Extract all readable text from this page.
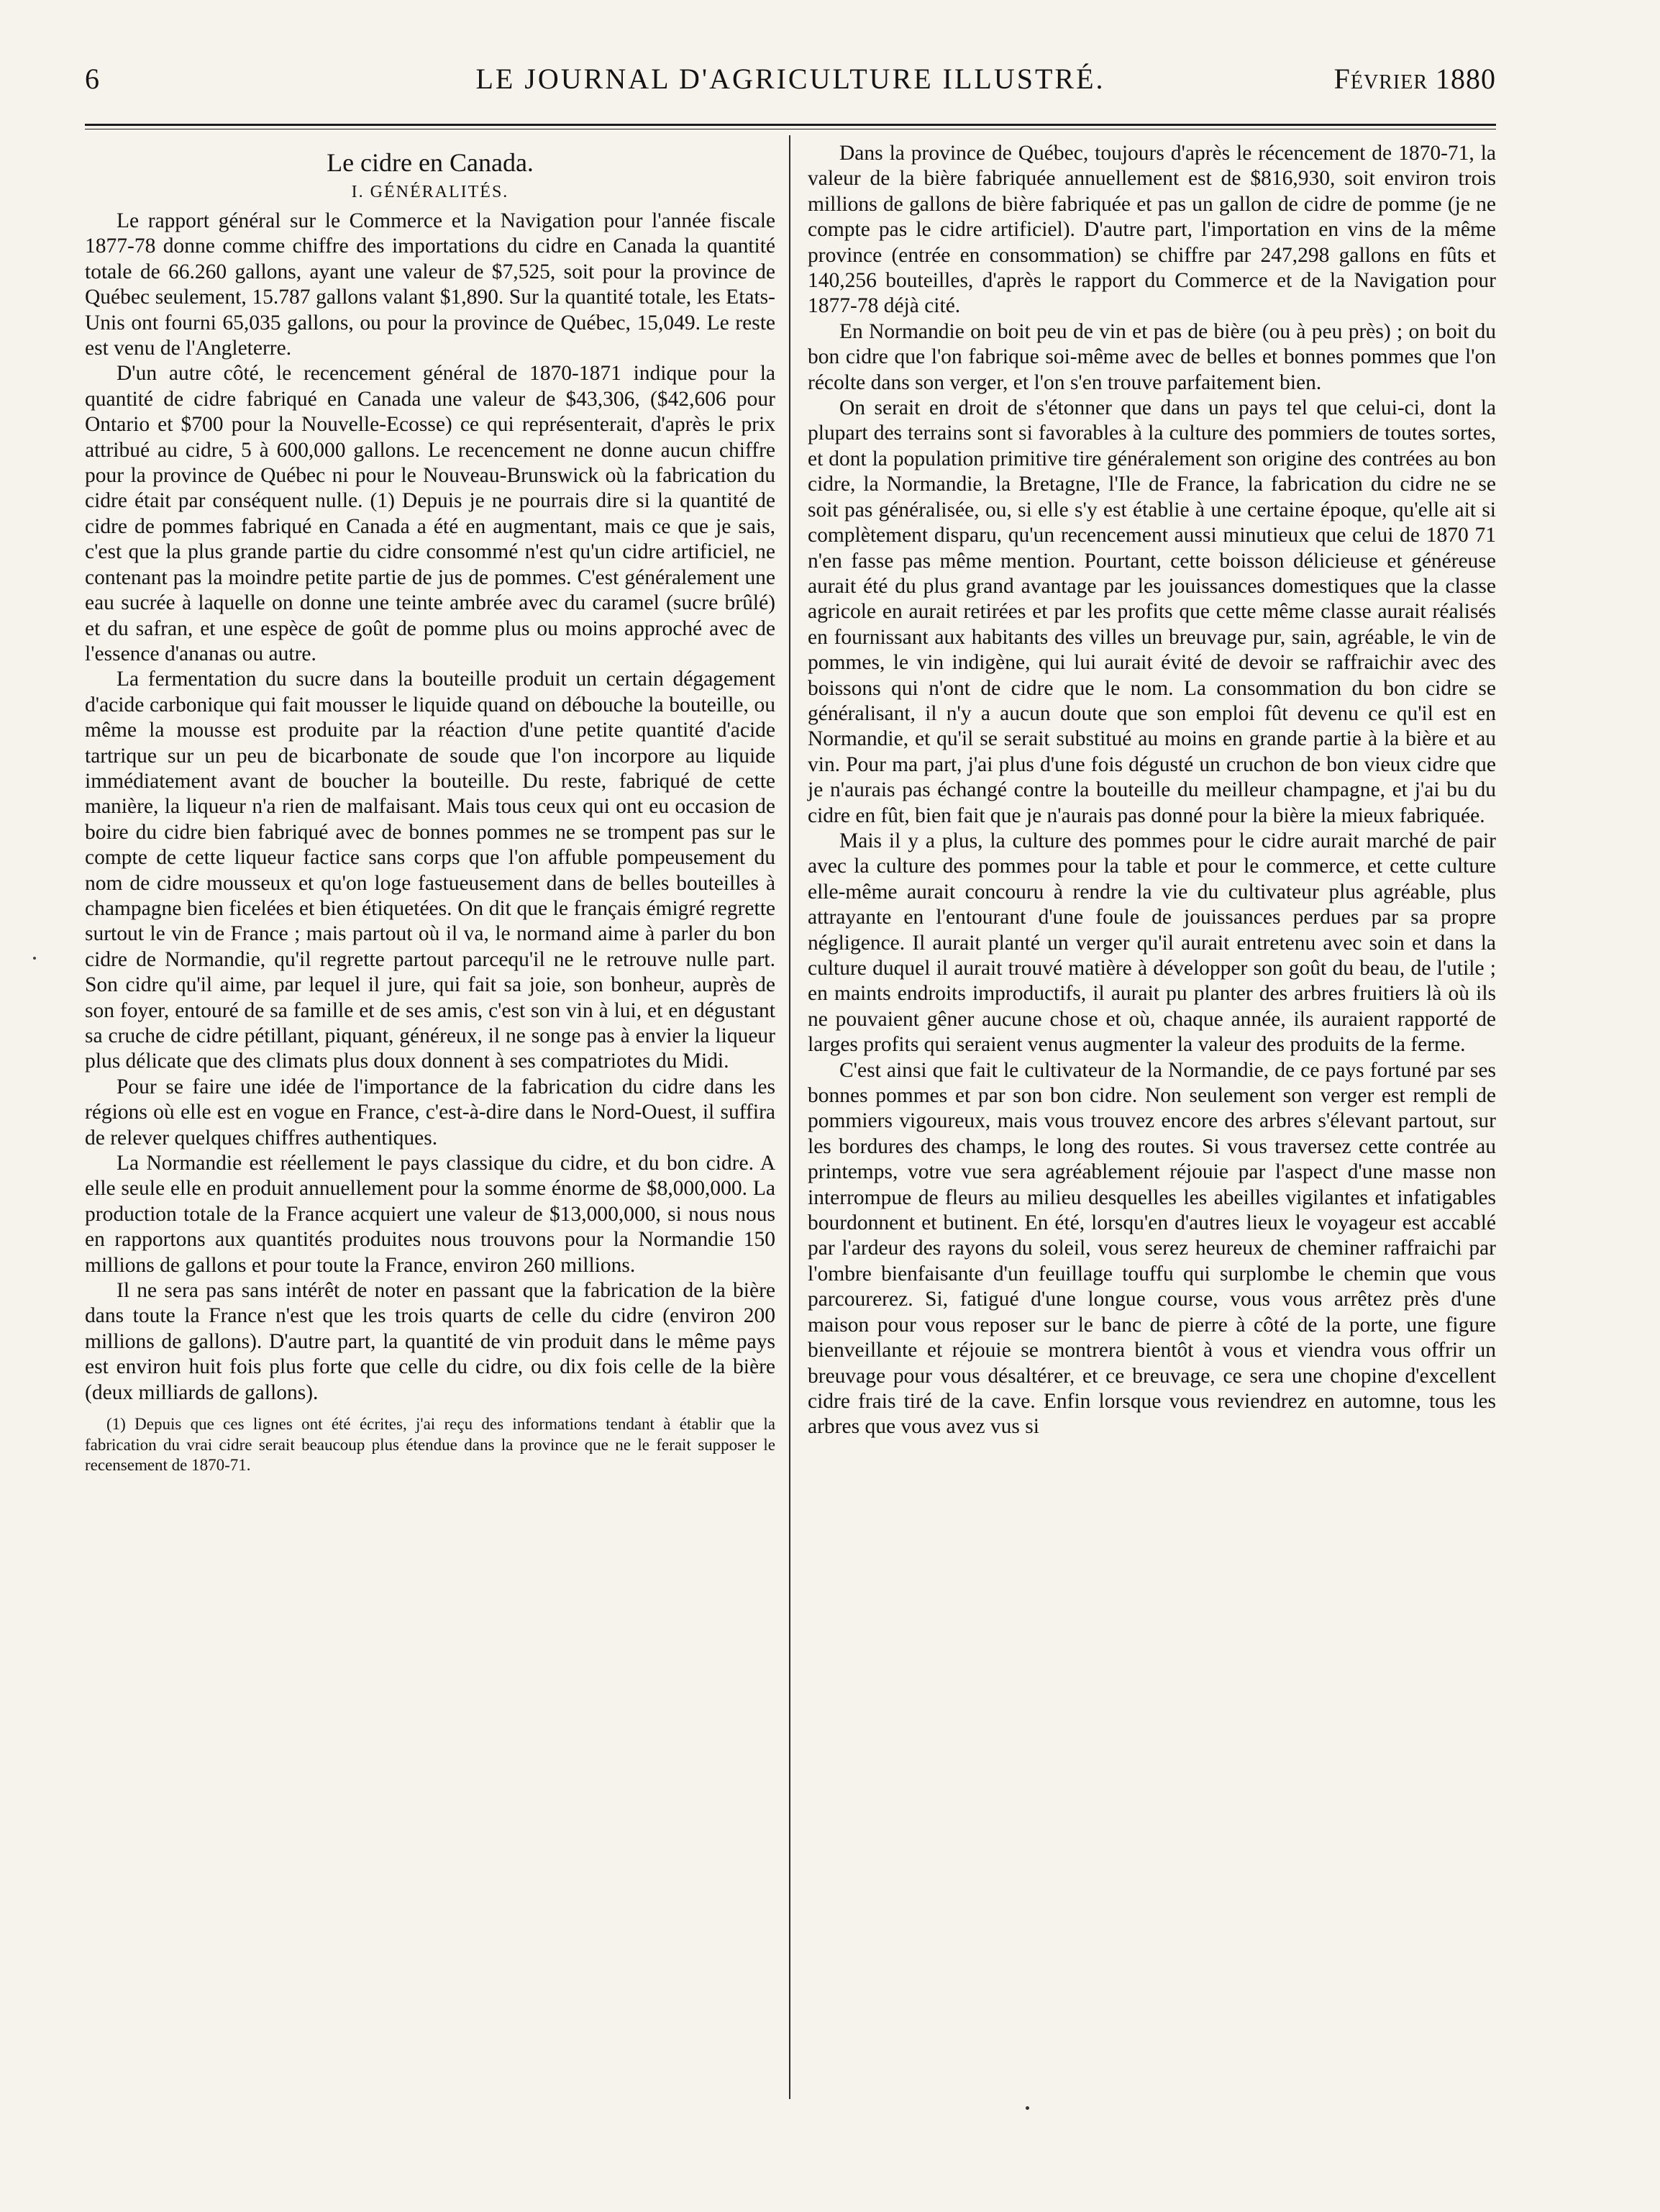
6	LE JOURNAL D'AGRICULTURE ILLUSTRÉ.	Février 1880
Le cidre en Canada.
I. GÉNÉRALITÉS.

Le rapport général sur le Commerce et la Navigation pour l'année fiscale 1877-78 donne comme chiffre des importations du cidre en Canada la quantité totale de 66.260 gallons, ayant une valeur de $7,525, soit pour la province de Québec seulement, 15.787 gallons valant $1,890. Sur la quantité totale, les Etats-Unis ont fourni 65,035 gallons, ou pour la province de Québec, 15,049. Le reste est venu de l'Angleterre.

D'un autre côté, le recencement général de 1870-1871 indique pour la quantité de cidre fabriqué en Canada une valeur de $43,306, ($42,606 pour Ontario et $700 pour la Nouvelle-Ecosse) ce qui représenterait, d'après le prix attribué au cidre, 5 à 600,000 gallons. Le recencement ne donne aucun chiffre pour la province de Québec ni pour le Nouveau-Brunswick où la fabrication du cidre était par conséquent nulle. (1) Depuis je ne pourrais dire si la quantité de cidre de pommes fabriqué en Canada a été en augmentant, mais ce que je sais, c'est que la plus grande partie du cidre consommé n'est qu'un cidre artificiel, ne contenant pas la moindre petite partie de jus de pommes. C'est généralement une eau sucrée à laquelle on donne une teinte ambrée avec du caramel (sucre brûlé) et du safran, et une espèce de goût de pomme plus ou moins approché avec de l'essence d'ananas ou autre.

La fermentation du sucre dans la bouteille produit un certain dégagement d'acide carbonique qui fait mousser le liquide quand on débouche la bouteille, ou même la mousse est produite par la réaction d'une petite quantité d'acide tartrique sur un peu de bicarbonate de soude que l'on incorpore au liquide immédiatement avant de boucher la bouteille. Du reste, fabriqué de cette manière, la liqueur n'a rien de malfaisant. Mais tous ceux qui ont eu occasion de boire du cidre bien fabriqué avec de bonnes pommes ne se trompent pas sur le compte de cette liqueur factice sans corps que l'on affuble pompeusement du nom de cidre mousseux et qu'on loge fastueusement dans de belles bouteilles à champagne bien ficelées et bien étiquetées. On dit que le français émigré regrette surtout le vin de France ; mais partout où il va, le normand aime à parler du bon cidre de Normandie, qu'il regrette partout parcequ'il ne le retrouve nulle part. Son cidre qu'il aime, par lequel il jure, qui fait sa joie, son bonheur, auprès de son foyer, entouré de sa famille et de ses amis, c'est son vin à lui, et en dégustant sa cruche de cidre pétillant, piquant, généreux, il ne songe pas à envier la liqueur plus délicate que des climats plus doux donnent à ses compatriotes du Midi.

Pour se faire une idée de l'importance de la fabrication du cidre dans les régions où elle est en vogue en France, c'est-à-dire dans le Nord-Ouest, il suffira de relever quelques chiffres authentiques.

La Normandie est réellement le pays classique du cidre, et du bon cidre. A elle seule elle en produit annuellement pour la somme énorme de $8,000,000. La production totale de la France acquiert une valeur de $13,000,000, si nous nous en rapportons aux quantités produites nous trouvons pour la Normandie 150 millions de gallons et pour toute la France, environ 260 millions.

Il ne sera pas sans intérêt de noter en passant que la fabrication de la bière dans toute la France n'est que les trois quarts de celle du cidre (environ 200 millions de gallons). D'autre part, la quantité de vin produit dans le même pays est environ huit fois plus forte que celle du cidre, ou dix fois celle de la bière (deux milliards de gallons).

(1) Depuis que ces lignes ont été écrites, j'ai reçu des informations tendant à établir que la fabrication du vrai cidre serait beaucoup plus étendue dans la province que ne le ferait supposer le recensement de 1870-71.

Dans la province de Québec, toujours d'après le récencement de 1870-71, la valeur de la bière fabriquée annuellement est de $816,930, soit environ trois millions de gallons de bière fabriquée et pas un gallon de cidre de pomme (je ne compte pas le cidre artificiel). D'autre part, l'importation en vins de la même province (entrée en consommation) se chiffre par 247,298 gallons en fûts et 140,256 bouteilles, d'après le rapport du Commerce et de la Navigation pour 1877-78 déjà cité.

En Normandie on boit peu de vin et pas de bière (ou à peu près) ; on boit du bon cidre que l'on fabrique soi-même avec de belles et bonnes pommes que l'on récolte dans son verger, et l'on s'en trouve parfaitement bien.

On serait en droit de s'étonner que dans un pays tel que celui-ci, dont la plupart des terrains sont si favorables à la culture des pommiers de toutes sortes, et dont la population primitive tire généralement son origine des contrées au bon cidre, la Normandie, la Bretagne, l'Ile de France, la fabrication du cidre ne se soit pas généralisée, ou, si elle s'y est établie à une certaine époque, qu'elle ait si complètement disparu, qu'un recencement aussi minutieux que celui de 1870 71 n'en fasse pas même mention. Pourtant, cette boisson délicieuse et généreuse aurait été du plus grand avantage par les jouissances domestiques que la classe agricole en aurait retirées et par les profits que cette même classe aurait réalisés en fournissant aux habitants des villes un breuvage pur, sain, agréable, le vin de pommes, le vin indigène, qui lui aurait évité de devoir se raffraichir avec des boissons qui n'ont de cidre que le nom. La consommation du bon cidre se généralisant, il n'y a aucun doute que son emploi fût devenu ce qu'il est en Normandie, et qu'il se serait substitué au moins en grande partie à la bière et au vin. Pour ma part, j'ai plus d'une fois dégusté un cruchon de bon vieux cidre que je n'aurais pas échangé contre la bouteille du meilleur champagne, et j'ai bu du cidre en fût, bien fait que je n'aurais pas donné pour la bière la mieux fabriquée.

Mais il y a plus, la culture des pommes pour le cidre aurait marché de pair avec la culture des pommes pour la table et pour le commerce, et cette culture elle-même aurait concouru à rendre la vie du cultivateur plus agréable, plus attrayante en l'entourant d'une foule de jouissances perdues par sa propre négligence. Il aurait planté un verger qu'il aurait entretenu avec soin et dans la culture duquel il aurait trouvé matière à développer son goût du beau, de l'utile ; en maints endroits improductifs, il aurait pu planter des arbres fruitiers là où ils ne pouvaient gêner aucune chose et où, chaque année, ils auraient rapporté de larges profits qui seraient venus augmenter la valeur des produits de la ferme.

C'est ainsi que fait le cultivateur de la Normandie, de ce pays fortuné par ses bonnes pommes et par son bon cidre. Non seulement son verger est rempli de pommiers vigoureux, mais vous trouvez encore des arbres s'élevant partout, sur les bordures des champs, le long des routes. Si vous traversez cette contrée au printemps, votre vue sera agréablement réjouie par l'aspect d'une masse non interrompue de fleurs au milieu desquelles les abeilles vigilantes et infatigables bourdonnent et butinent. En été, lorsqu'en d'autres lieux le voyageur est accablé par l'ardeur des rayons du soleil, vous serez heureux de cheminer raffraichi par l'ombre bienfaisante d'un feuillage touffu qui surplombe le chemin que vous parcourerez. Si, fatigué d'une longue course, vous vous arrêtez près d'une maison pour vous reposer sur le banc de pierre à côté de la porte, une figure bienveillante et réjouie se montrera bientôt à vous et viendra vous offrir un breuvage pour vous désaltérer, et ce breuvage, ce sera une chopine d'excellent cidre frais tiré de la cave. Enfin lorsque vous reviendrez en automne, tous les arbres que vous avez vus si
